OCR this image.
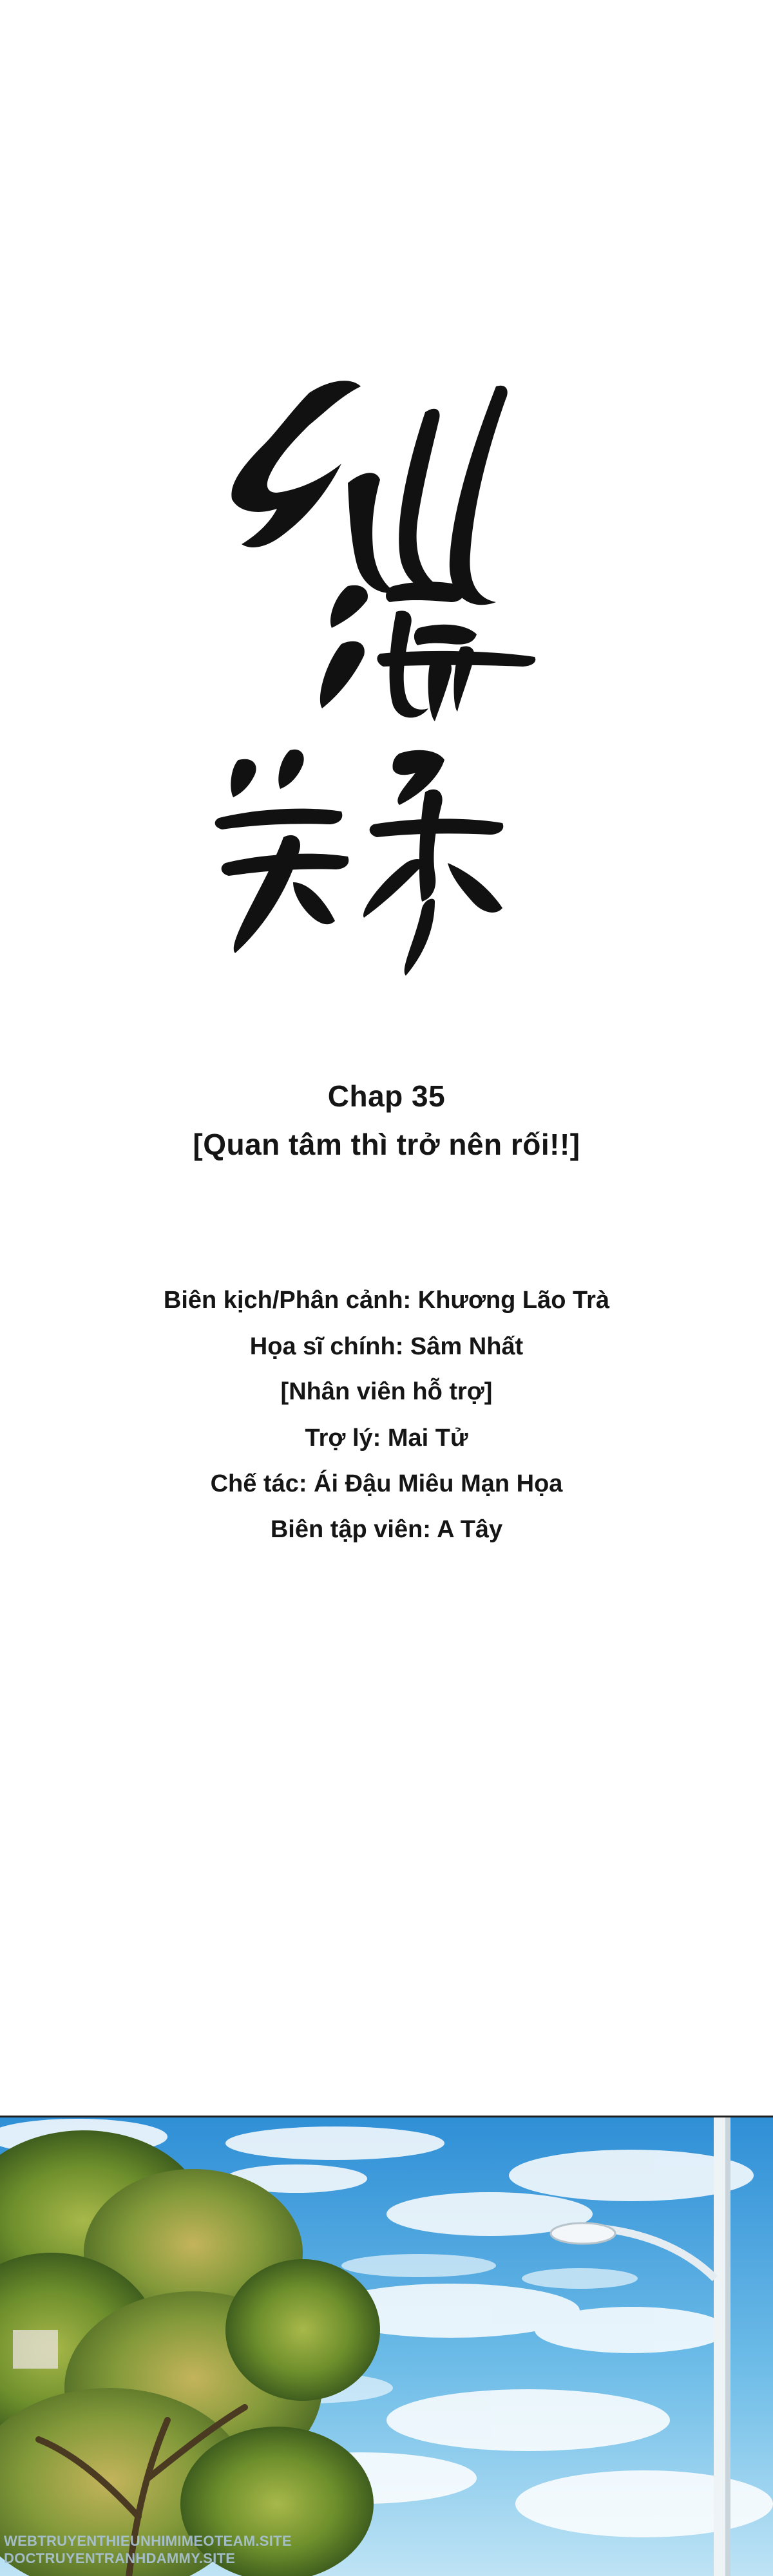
Chap 35
[Quan tâm thì trở nên rối!!]
Biên kịch/Phân cảnh: Khương Lão Trà
Họa sĩ chính: Sâm Nhất
[Nhân viên hỗ trợ]
Trợ lý: Mai Tử
Chế tác: Ái Đậu Miêu Mạn Họa
Biên tập viên: A Tây
WEBTRUYENTHIEUNHIMIMEOTEAM.SITE
DOCTRUYENTRANHDAMMY.SITE
